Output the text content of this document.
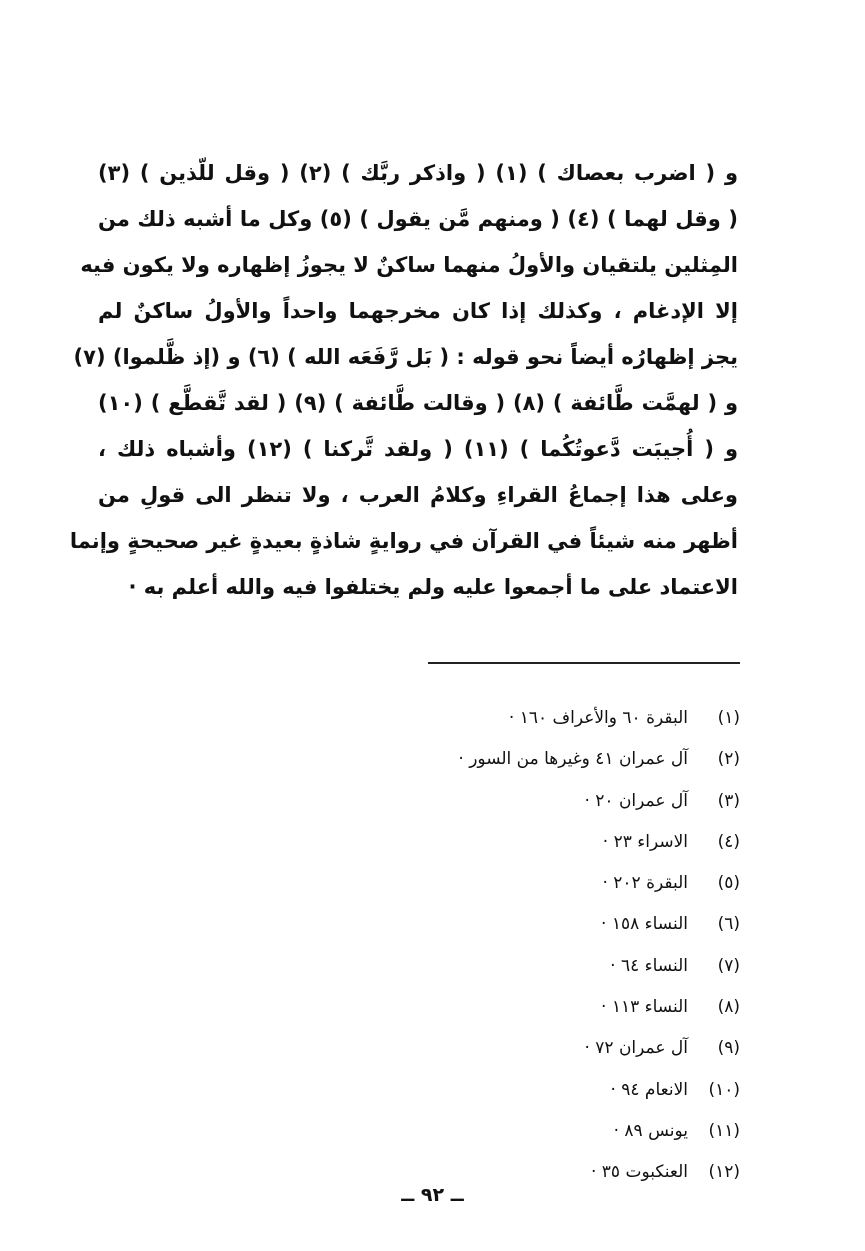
و ( اضرب بعصاك ) (١) ( واذكر ربَّك ) (٢) ( وقل للّذين ) (٣)
( وقل لهما ) (٤) ( ومنهم مَّن يقول ) (٥) وكل ما أشبه ذلك من
المِثلين يلتقيان والأولُ منهما ساكنٌ لا يجوزُ إظهاره ولا يكون فيه
إلا الإدغام ، وكذلك إذا كان مخرجهما واحداً والأولُ ساكنٌ لم
يجز إظهارُه أيضاً نحو قوله : ( بَل رَّفَعَه الله ) (٦) و (إذ ظَّلموا) (٧)
و ( لهمَّت طَّائفة ) (٨) ( وقالت طَّائفة ) (٩) ( لقد تَّقطَّع ) (١٠)
و ( أُجيبَت دَّعوتُكُما ) (١١) ( ولقد تَّركنا ) (١٢) وأشباه ذلك ،
وعلى هذا إجماعُ القراءِ وكلامُ العرب ، ولا تنظر الى قولِ من
أظهر منه شيئاً في القرآن في روايةٍ شاذةٍ بعيدةٍ غير صحيحةٍ وإنما
الاعتماد على ما أجمعوا عليه ولم يختلفوا فيه والله أعلم به ·
(١)
البقرة ٦٠ والأعراف ١٦٠ ·
(٢)
آل عمران ٤١ وغيرها من السور ·
(٣)
آل عمران ٢٠ ·
(٤)
الاسراء ٢٣ ·
(٥)
البقرة ٢٠٢ ·
(٦)
النساء ١٥٨ ·
(٧)
النساء ٦٤ ·
(٨)
النساء ١١٣ ·
(٩)
آل عمران ٧٢ ·
(١٠)
الانعام ٩٤ ·
(١١)
يونس ٨٩ ·
(١٢)
العنكبوت ٣٥ ·
ــ ٩٢ ــ
